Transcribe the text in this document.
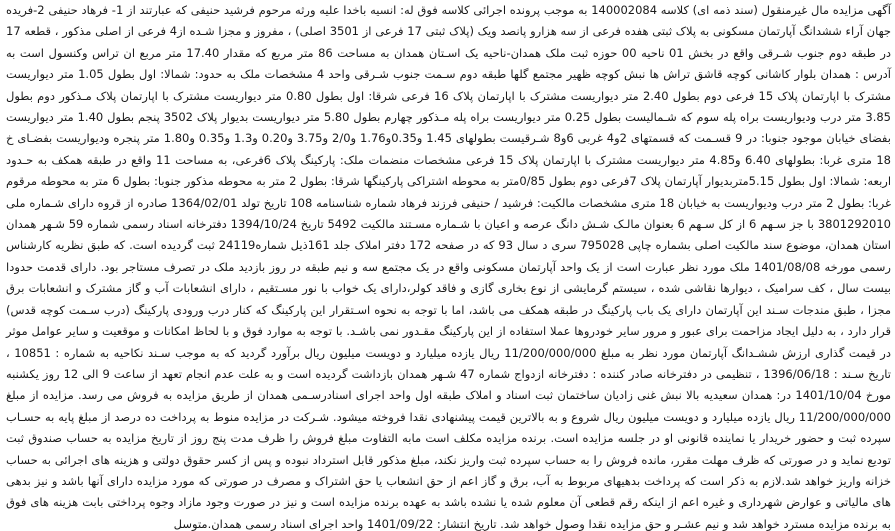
آگهی مزایده مال غیرمنقول (سند ذمه ای) کلاسه 140002084 به موجب پرونده اجرائی کلاسه فوق له: انسیه باخدا علیه ورثه مرحوم فرشید حنیفی که عبارتند از 1- فرهاد حنیفی 2-فریده جهان آراء ششدانگ آپارتمان مسکونی به پلاک ثبتی هفده فرعی از سه هزارو پانصد ویک (پلاک ثبتی 17 فرعی از 3501 اصلی) ، مفروز و مجزا شـده از4 فرعی از اصلی مذکور ، قطعه 17 در طبقه دوم جنوب شـرقی واقع در بخش 01 ناحیه 00 حوزه ثبت ملک همدان-ناحیه یک اسـتان همدان به مساحت 86 متر مربع که مقدار 17.40 متر مربع ان تراس وکنسول است به آدرس : همدان بلوار کاشانی کوچه قاشق تراش ها نبش کوچه ظهیر مجتمع گلها طبقه دوم سـمت جنوب شـرقی واحد 4 مشخصات ملک به حدود: شمالا: اول بطول 1.05 متر دیواریست مشترک با اپارتمان پلاک 15 فرعی دوم بطول 2.40 متر دیواریست مشترک با اپارتمان پلاک 16 فرعی شرقا: اول بطول 0.80 متر دیواریست مشترک با اپارتمان پلاک مـذکور دوم بطول 3.85 متر درب ودیواریست براه پله سوم که شـمالیست بطول 0.25 متر دیواریست براه پله مـذکور چهارم بطول 5.80 متر دیواریست بدیوار پلاک 3502 پنجم بطول 1.40 متر دیواریست بفضای خیابان موجود جنوبا: در 9 قسـمت که قسمتهای 2و4 غربی 6و8 شـرقیست بطولهای 1.45 و0.35و1.76 و2/0 و3.75 و0.20 و1.3 و0.35 و1.80 متر پنجره ودیواریست بفضـای خ 18 متری غربا: بطولهای 6.40 و4.85 متر دیواریست مشترک با اپارتمان پلاک 15 فرعی مشخصات منضمات ملک: پارکینگ پلاک 6فرعی، به مساحت 11 واقع در طبقه همکف به حـدود اربعه: شمالا: اول بطول 5.15متربدیوار آپارتمان پلاک 7فرعی دوم بطول 0/85متر به محوطه اشتراکی پارکینگها شرقا: بطول 2 متر به محوطه مذکور جنوبا: بطول 6 متر به محوطه مرقوم غربا: بطول 2 متر درب ودیواریست به خیابان 18 متری مشخصات مالکیت: فرشید / حنیفی فرزند فرهاد شماره شناسنامه 108 تاریخ تولد 1364/02/01 صادره از قروه دارای شـماره ملی 3801292010 با جز سـهم 6 از کل سـهم 6 بعنوان مالـک شـش دانگ عرصه و اعیان با شـماره مسـتند مالکیت 5492 تاریخ 1394/10/24 دفترخانه اسناد رسمی شماره 59 شـهر همدان استان همدان، موضوع سند مالکیت اصلی بشماره چاپی 795028 سری د سال 93 که در صفحه 172 دفتر املاک جلد 161ذیل شماره24119 ثبت گردیده است. که طبق نظریه کارشناس رسمی مورخه 1401/08/08 ملک مورد نظر عبارت است از یک واحد آپارتمان مسکونی واقع در یک مجتمع سه و نیم طبقه در روز بازدید ملک در تصرف مستاجر بود. دارای قدمت حدودا بیست سال ، کف سرامیک ، دیوارها نقاشی شده ، سیستم گرمایشی از نوع بخاری گازی و فاقد کولر،دارای یک خواب با نور مسـتقیم ، دارای انشعابات آب و گاز مشترک و انشعابات برق مجزا ، طبق مندجات سـند این آپارتمان دارای یک باب پارکینگ در طبقه همکف می باشد، اما با توجه به نحوه اسـتقرار این پارکینگ که کنار درب ورودی پارکینگ (درب سـمت کوچه قدس) قرار دارد ، به دلیل ایجاد مزاحمت برای عبور و مرور سایر خودروها عملا استفاده از این پارکینگ مقـدور نمی باشـد. با توجه به موارد فوق و با لحاظ امکانات و موقعیت و سایر عوامل موثر در قیمت گذاری ارزش ششـدانگ آپارتمان مورد نظر به مبلغ 11/200/000/000 ریال یازده میلیارد و دویست میلیون ریال برآورد گردید که به موجب سـند نکاحیه به شماره : 10851 ، تاریخ سـند : 1396/06/18 ، تنظیمی در دفترخانه صادر کننده : دفترخانه ازدواج شماره 47 شـهر همدان بازداشت گردیده است و به علت عدم انجام تعهد از ساعت 9 الی 12 روز یکشنبه مورخ 1401/10/04 در: همدان سعیدیه بالا نبش غنی زادیان ساختمان ثبت اسناد و املاک طبقه اول واحد اجرای اسنادرسـمی همدان از طریق مزایده به فروش می رسد. مزایده از مبلغ 11/200/000/000 ریال یازده میلیارد و دویست میلیون ریال شروع و به بالاترین قیمت پیشنهادی نقدا فروخته میشود. شـرکت در مزایده منوط به پرداخت ده درصد از مبلغ پایه به حسـاب سپرده ثبت و حضور خریدار یا نماینده قانونی او در جلسه مزایده است. برنده مزایده مکلف است مابه التفاوت مبلغ فروش را ظرف مدت پنج روز از تاریخ مزایده به حساب صندوق ثبت توديع نمايد و در صورتی که ظرف مهلت مقرر، مانده فروش را به حساب سپرده ثبت واریز نکند، مبلغ مذکور قابل استرداد نبوده و پس از کسر حقوق دولتی و هزينه های اجرائی به حساب خزانه واریز خواهد شد.لازم به ذکر است که پرداخت بدهیهای مربوط به آب، برق و گاز اعم از حق انشعاب یا حق اشتراک و مصرف در صورتی که مورد مزایده دارای آنها باشد و نیز بدهی های مالیاتی و عوارض شهرداری و غیره اعم از اینکه رقم قطعی آن معلوم شده یا نشده باشد به عهده برنده مزایده است و نیز در صورت وجود مازاد وجوه پرداختی بابت هزينه های فوق به برنده مزایده مسترد خواهد شد و نیم عشـر و حق مزایده نقدا وصول خواهد شد. تاریخ انتشار: 1401/09/22 واحد اجرای اسناد رسمی همدان.متوسل
